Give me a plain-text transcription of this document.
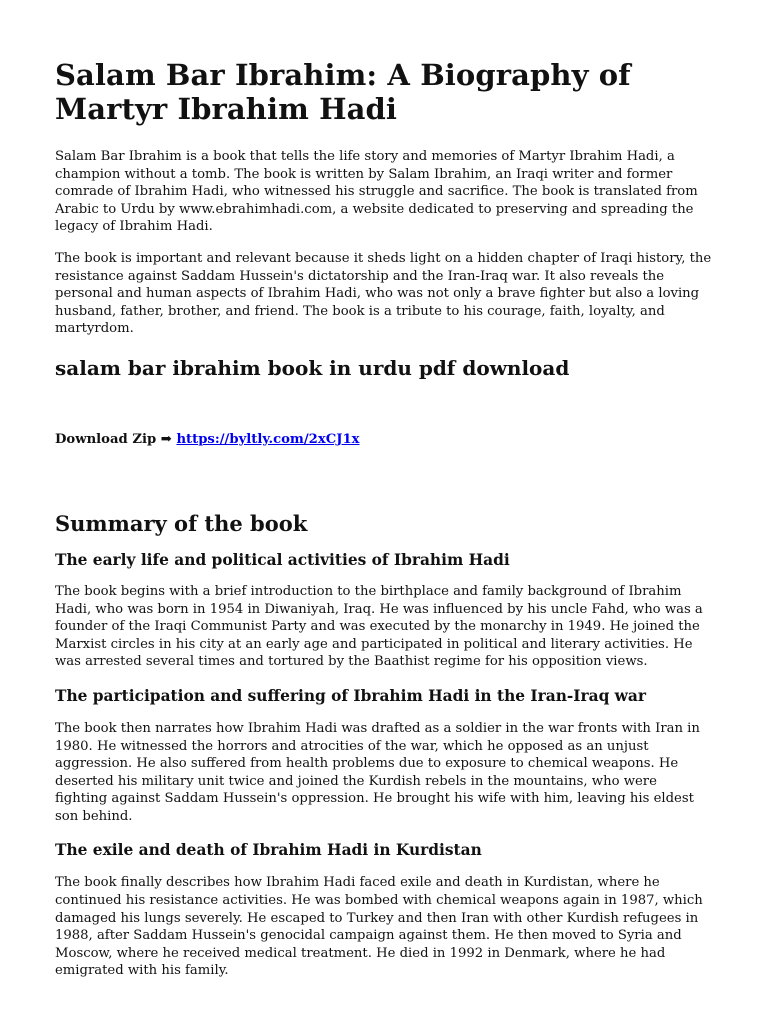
Salam Bar Ibrahim: A Biography of Martyr Ibrahim Hadi

Salam Bar Ibrahim is a book that tells the life story and memories of Martyr Ibrahim Hadi, a champion without a tomb. The book is written by Salam Ibrahim, an Iraqi writer and former comrade of Ibrahim Hadi, who witnessed his struggle and sacrifice. The book is translated from Arabic to Urdu by www.ebrahimhadi.com, a website dedicated to preserving and spreading the legacy of Ibrahim Hadi.

The book is important and relevant because it sheds light on a hidden chapter of Iraqi history, the resistance against Saddam Hussein's dictatorship and the Iran-Iraq war. It also reveals the personal and human aspects of Ibrahim Hadi, who was not only a brave fighter but also a loving husband, father, brother, and friend. The book is a tribute to his courage, faith, loyalty, and martyrdom.

salam bar ibrahim book in urdu pdf download
Download Zip ➡ https://byltly.com/2xCJ1x
Summary of the book
The early life and political activities of Ibrahim Hadi

The book begins with a brief introduction to the birthplace and family background of Ibrahim Hadi, who was born in 1954 in Diwaniyah, Iraq. He was influenced by his uncle Fahd, who was a founder of the Iraqi Communist Party and was executed by the monarchy in 1949. He joined the Marxist circles in his city at an early age and participated in political and literary activities. He was arrested several times and tortured by the Baathist regime for his opposition views.

The participation and suffering of Ibrahim Hadi in the Iran-Iraq war

The book then narrates how Ibrahim Hadi was drafted as a soldier in the war fronts with Iran in 1980. He witnessed the horrors and atrocities of the war, which he opposed as an unjust aggression. He also suffered from health problems due to exposure to chemical weapons. He deserted his military unit twice and joined the Kurdish rebels in the mountains, who were fighting against Saddam Hussein's oppression. He brought his wife with him, leaving his eldest son behind.

The exile and death of Ibrahim Hadi in Kurdistan

The book finally describes how Ibrahim Hadi faced exile and death in Kurdistan, where he continued his resistance activities. He was bombed with chemical weapons again in 1987, which damaged his lungs severely. He escaped to Turkey and then Iran with other Kurdish refugees in 1988, after Saddam Hussein's genocidal campaign against them. He then moved to Syria and Moscow, where he received medical treatment. He died in 1992 in Denmark, where he had emigrated with his family.
